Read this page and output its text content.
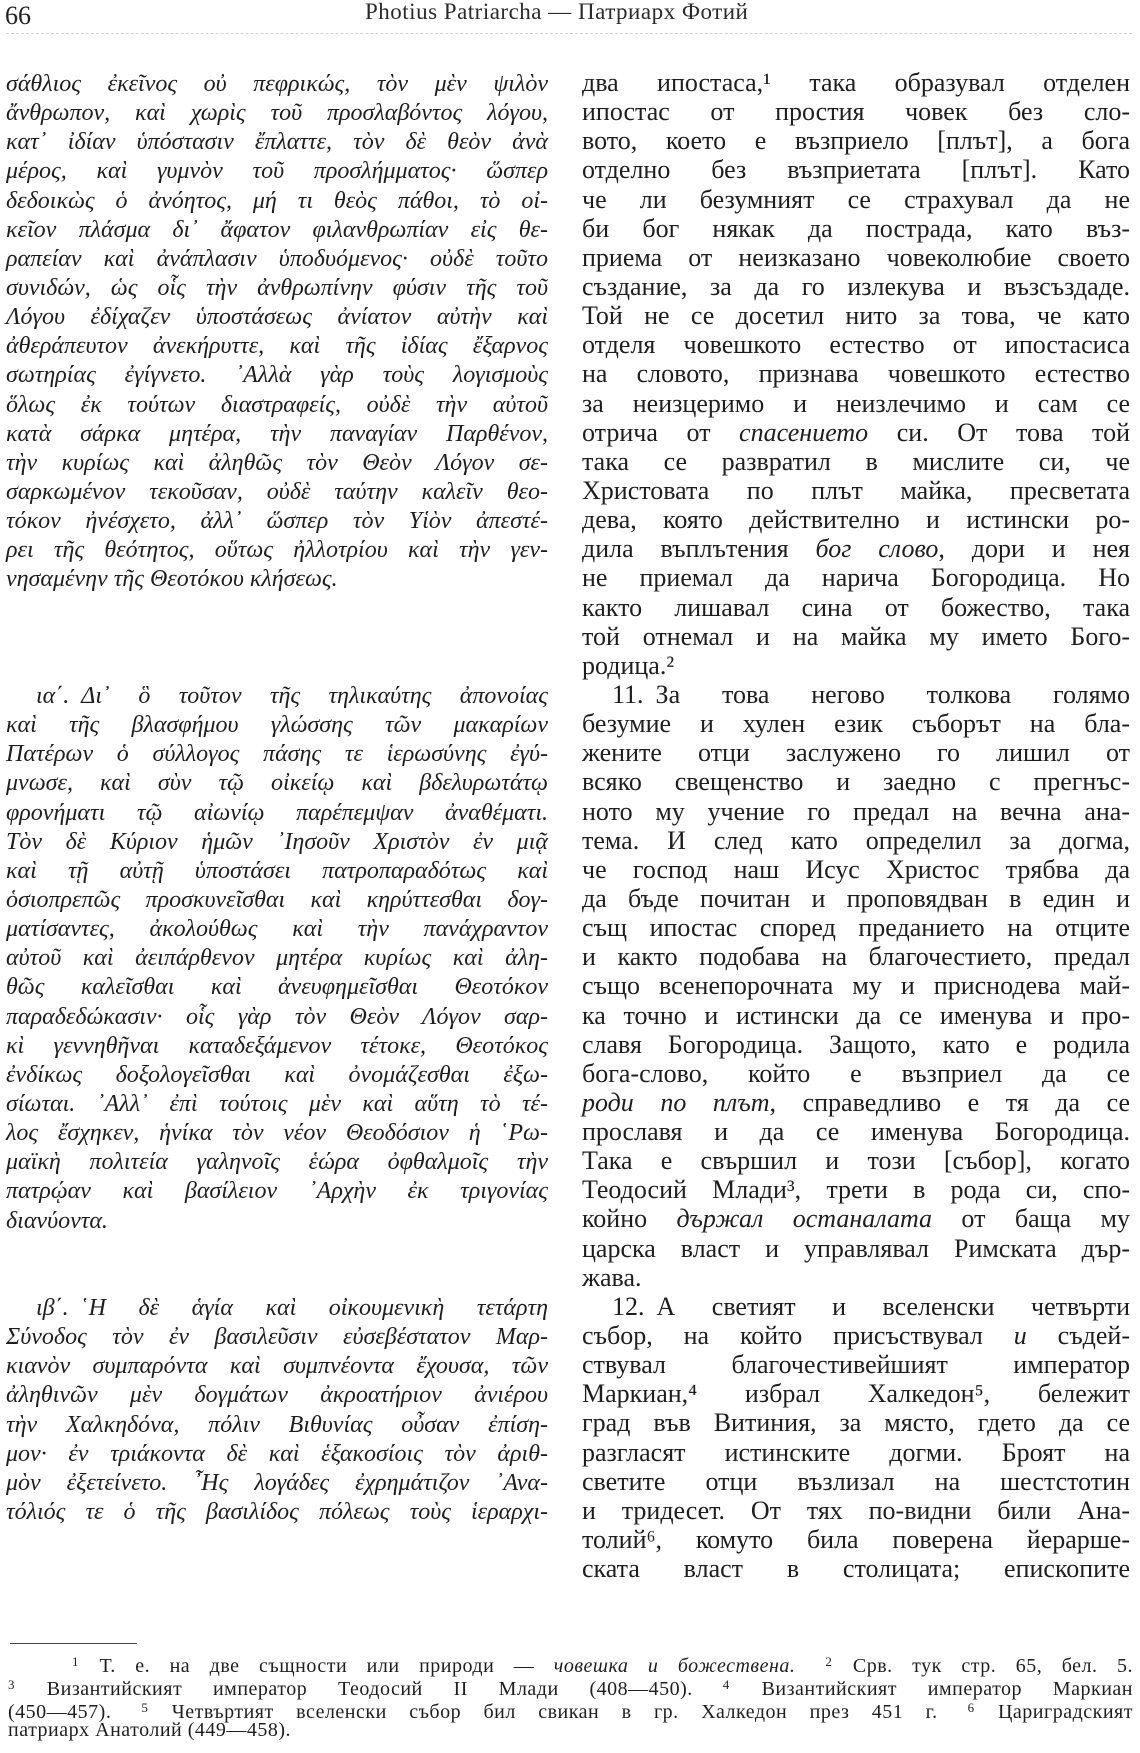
66	Photius Patriarcha — Патриарх Фотий
σάθλιος ἐκεῖνος οὐ πεφρικώς, τὸν μὲν ψιλὸν
ἄνθρωπον, καὶ χωρὶς τοῦ προσλαβόντος λόγου,
κατ᾿ ἰδίαν ὑπόστασιν ἔπλαττε, τὸν δὲ θεὸν ἀνὰ
μέρος, καὶ γυμνὸν τοῦ προσλήμματος· ὥσπερ
δεδοικὼς ὁ ἀνόητος, μή τι θεὸς πάθοι, τὸ οἰ-
κεῖον πλάσμα δι᾿ ἄφατον φιλανθρωπίαν εἰς θε-
ραπείαν καὶ ἀνάπλασιν ὑποδυόμενος· οὐδὲ τοῦτο
συνιδών, ὡς οἷς τὴν ἀνθρωπίνην φύσιν τῆς τοῦ
Λόγου ἐδίχαζεν ὑποστάσεως ἀνίατον αὐτὴν καὶ
ἀθεράπευτον ἀνεκήρυττε, καὶ τῆς ἰδίας ἔξαρνος
σωτηρίας ἐγίγνετο. ᾿Αλλὰ γὰρ τοὺς λογισμοὺς
ὅλως ἐκ τούτων διαστραφείς, οὐδὲ τὴν αὐτοῦ
κατὰ σάρκα μητέρα, τὴν παναγίαν Παρθένον,
τὴν κυρίως καὶ ἀληθῶς τὸν Θεὸν Λόγον σε-
σαρκωμένον τεκοῦσαν, οὐδὲ ταύτην καλεῖν θεο-
τόκον ἠνέσχετο, ἀλλ᾿ ὥσπερ τὸν Υἱὸν ἀπεστέ-
ρει τῆς θεότητος, οὕτως ἠλλοτρίου καὶ τὴν γεν-
νησαμένην τῆς Θεοτόκου κλήσεως.
ια΄. Δι᾿ ὃ τοῦτον τῆς τηλικαύτης ἀπονοίας
καὶ τῆς βλασφήμου γλώσσης τῶν μακαρίων
Πατέρων ὁ σύλλογος πάσης τε ἱερωσύνης ἐγύ-
μνωσε, καὶ σὺν τῷ οἰκείῳ καὶ βδελυρωτάτῳ
φρονήματι τῷ αἰωνίῳ παρέπεμψαν ἀναθέματι.
Τὸν δὲ Κύριον ἡμῶν ᾿Ιησοῦν Χριστὸν ἐν μιᾷ
καὶ τῇ αὐτῇ ὑποστάσει πατροπαραδότως καὶ
ὁσιοπρεπῶς προσκυνεῖσθαι καὶ κηρύττεσθαι δογ-
ματίσαντες, ἀκολούθως καὶ τὴν πανάχραντον
αὐτοῦ καὶ ἀειπάρθενον μητέρα κυρίως καὶ ἀλη-
θῶς καλεῖσθαι καὶ ἀνευφημεῖσθαι Θεοτόκον
παραδεδώκασιν· οἷς γὰρ τὸν Θεὸν Λόγον σαρ-
κὶ γεννηθῆναι καταδεξάμενον τέτοκε, Θεοτόκος
ἐνδίκως δοξολογεῖσθαι καὶ ὀνομάζεσθαι ἐξω-
σίωται. ᾿Αλλ᾿ ἐπὶ τούτοις μὲν καὶ αὕτη τὸ τέ-
λος ἔσχηκεν, ἡνίκα τὸν νέον Θεοδόσιον ἡ ῾Ρω-
μαϊκὴ πολιτεία γαληνοῖς ἑώρα ὀφθαλμοῖς τὴν
πατρῴαν καὶ βασίλειον ᾿Αρχὴν ἐκ τριγονίας
διανύοντα.
ιβ΄. ῾Η δὲ ἁγία καὶ οἰκουμενικὴ τετάρτη
Σύνοδος τὸν ἐν βασιλεῦσιν εὐσεβέστατον Μαρ-
κιανὸν συμπαρόντα καὶ συμπνέοντα ἔχουσα, τῶν
ἀληθινῶν μὲν δογμάτων ἀκροατήριον ἀνιέρου
τὴν Χαλκηδόνα, πόλιν Βιθυνίας οὖσαν ἐπίση-
μον· ἐν τριάκοντα δὲ καὶ ἑξακοσίοις τὸν ἀριθ-
μὸν ἐξετείνετο. ῏Ης λογάδες ἐχρημάτιζον ᾿Ανα-
τόλιός τε ὁ τῆς βασιλίδος πόλεως τοὺς ἱεραρχι-
два ипостаса,¹ така образувал отделен
ипостас от простия човек без сло-
вото, което е възприело [плът], а бога
отделно без възприетата [плът]. Като
че ли безумният се страхувал да не
би бог някак да пострада, като въз-
приема от неизказано човеколюбие своето
създание, за да го излекува и възсъздаде.
Той не се досетил нито за това, че като
отделя човешкото естество от ипостасиса
на словото, признава човешкото естество
за неизцеримо и неизлечимо и сам се
отрича от спасението си. От това той
така се развратил в мислите си, че
Христовата по плът майка, пресветата
дева, която действително и истински ро-
дила въплътения бог слово, дори и нея
не приемал да нарича Богородица. Но
както лишавал сина от божество, така
той отнемал и на майка му името Бого-
родица.²
11. За това негово толкова голямо
безумие и хулен език съборът на бла-
жените отци заслужено го лишил от
всяко свещенство и заедно с прегнъс-
ното му учение го предал на вечна ана-
тема. И след като определил за догма,
че господ наш Исус Христос трябва да
да бъде почитан и проповядван в един и
същ ипостас според преданието на отците
и както подобава на благочестието, предал
също всенепорочната му и приснодева май-
ка точно и истински да се именува и про-
славя Богородица. Защото, като е родила
бога-слово, който е възприел да се
роди по плът, справедливо е тя да се
прославя и да се именува Богородица.
Така е свършил и този [събор], когато
Теодосий Млади³, трети в рода си, спо-
койно държал останалата от баща му
царска власт и управлявал Римската дър-
жава.
12. А светият и вселенски четвърти
събор, на който присъствувал и съдей-
ствувал благочестивейшият император
Маркиан,⁴ избрал Халкедон⁵, бележит
град във Витиния, за място, гдето да се
разгласят истинските догми. Броят на
светите отци възлизал на шестстотин
и тридесет. От тях по-видни били Ана-
толий⁶, комуто била поверена йерарше-
ската власт в столицата; епископите
$^1$ Т. е. на две същности или природи — човешка и божествена. $^2$ Срв. тук стр. 65, бел. 5.
$^3$ Византийският император Теодосий II Млади (408—450). $^4$ Византийският император Маркиан
(450—457). $^5$ Четвъртият вселенски събор бил свикан в гр. Халкедон през 451 г. $^6$ Цариградският
патриарх Анатолий (449—458).
